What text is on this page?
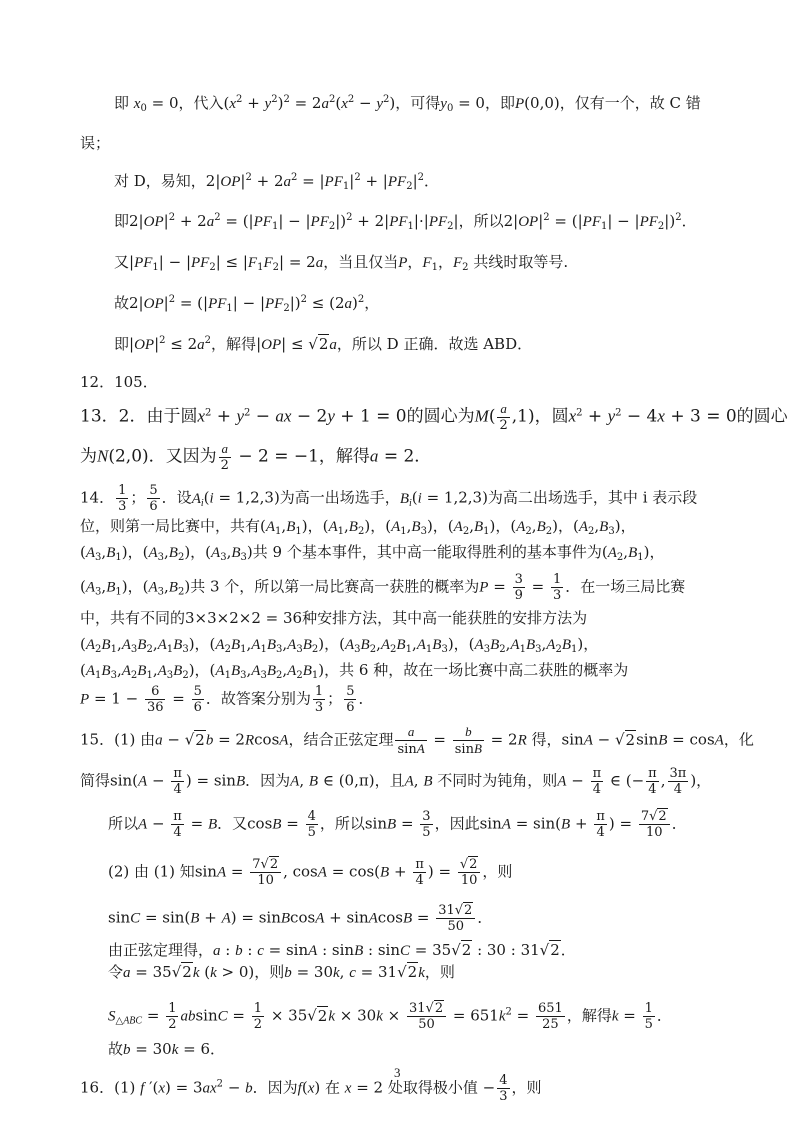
即 $x_0 = 0$，代入$(x^2 + y^2)^2 = 2a^2(x^2 - y^2)$，可得$y_0 = 0$，即P(0,0)，仅有一个，故 C 错
误；
对 D，易知，$2|OP|^2 + 2a^2 = |PF_1|^2 + |PF_2|^2$．
即$2|OP|^2 + 2a^2 = (|PF_1| - |PF_2|)^2 + 2|PF_1|\cdot|PF_2|$，所以$2|OP|^2 = (|PF_1| - |PF_2|)^2$．
又$|PF_1| - |PF_2| \le |F_1F_2| = 2a$，当且仅当P，$F_1$，$F_2$ 共线时取等号.
故$2|OP|^2 = (|PF_1| - |PF_2|)^2 \le (2a)^2$，
即$|OP|^2 \le 2a^2$，解得|OP| ≤ √2a，所以 D 正确．故选 ABD．
12．105．
13．2．由于圆$x^2 + y^2$ − ax − 2y + 1 = 0的圆心为$M( \frac{a}{2} ,1)$，圆$x^2 + y^2 - 4x + 3 = 0$的圆心
为N(2,0)．又因为 $\frac{a}{2} - 2 = -1$，解得a = 2．
14． $\frac{1}{3}$ ； $\frac{5}{6}$ ．设$A_i(i = 1,2,3)$为高一出场选手，$B_i(i = 1,2,3)$为高二出场选手，其中 i 表示段
位，则第一局比赛中，共有$(A_1,B_1)$，$(A_1,B_2)$，$(A_1,B_3)$，$(A_2,B_1)$，$(A_2,B_2)$，$(A_2,B_3)$，
$(A_3,B_1)$，$(A_3,B_2)$，$(A_3,B_3)$共 9 个基本事件，其中高一能取得胜利的基本事件为$(A_2,B_1)$，
$(A_3,B_1)$，$(A_3,B_2)$共 3 个，所以第一局比赛高一获胜的概率为$P = \frac{3}{9} = \frac{1}{3}$ ．在一场三局比赛
中，共有不同的3×3×2×2 = 36种安排方法，其中高一能获胜的安排方法为
$(A_2B_1,A_3B_2,A_1B_3)$，$(A_2B_1,A_1B_3,A_3B_2)$，$(A_3B_2,A_2B_1,A_1B_3)$，$(A_3B_2,A_1B_3,A_2B_1)$，
$(A_1B_3,A_2B_1,A_3B_2)$，$(A_1B_3,A_3B_2,A_2B_1)$，共 6 种，故在一场比赛中高二获胜的概率为
$P = 1 - \frac{6}{36} = \frac{5}{6}$ ．故答案分别为 $\frac{1}{3}$ ； $\frac{5}{6}$ ．
15．(1) 由a − √2b = 2RcosA，结合正弦定理 $\frac{a}{\sin A} = \frac{b}{\sin B} = 2R$ 得，sinA − √2sinB = cosA，化
简得$\sin(A - \frac{\pi}{4}$ ) = sinB．因为A, B ∈ (0,π)，且A, B 不同时为钝角，则$A - \frac{\pi}{4}$ ∈ (− $\frac{\pi}{4}$ , $\frac{3\pi}{4}$ )，
所以$A - \frac{\pi}{4} = B$．又$\cos B = \frac{4}{5}$ ，所以$\sin B = \frac{3}{5}$ ，因此$\sin A = \sin(B + \frac{\pi}{4}$ ) = $\frac{7√2}{10}$ ．
(2) 由 (1) 知$\sin A = \frac{7√2}{10}$ , $\cos A = \cos(B + \frac{\pi}{4}$ ) = $\frac{√2}{10}$ ，则
sinC = sin(B + A) = sinBcosA + sinAcosB = $\frac{31√2}{50}$ ．
由正弦定理得，a : b : c = sinA : sinB : sinC = 35√2 : 30 : 31√2．
令a = 35√2k (k > 0)，则b = 30k, c = 31√2k，则
$S_{\triangle ABC} = \frac{1}{2}$ $absinC = \frac{1}{2} \times 35√2k \times 30k \times \frac{31√2}{50} = 651k^2 = \frac{651}{25}$ ，解得$k = \frac{1}{5}$ ．
故b = 30k = 6．
16．(1) f $'(x) = 3ax^2 - b$．因为f(x) 在 x = 2 处取得极小值 − $\frac{4}{3}$ ，则
3
